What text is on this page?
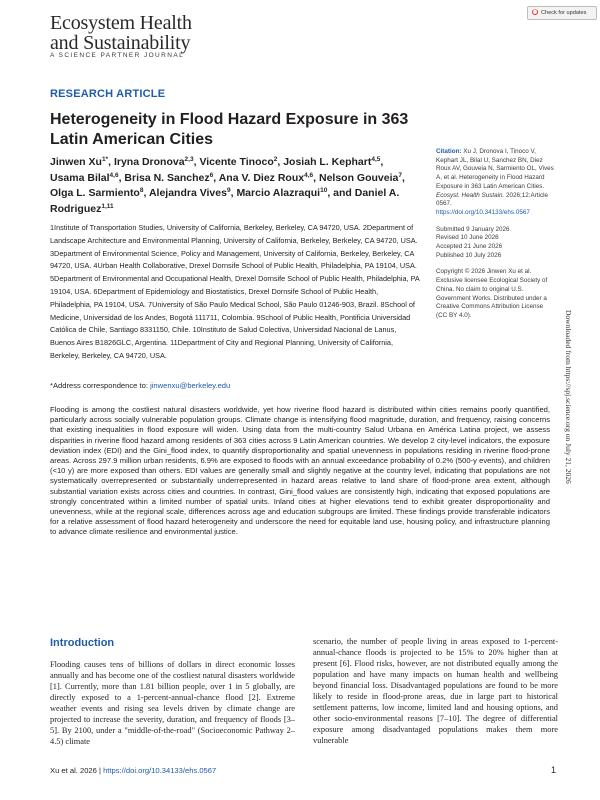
Ecosystem Health
and Sustainability
A SCIENCE PARTNER JOURNAL
Check for updates
RESEARCH ARTICLE
Heterogeneity in Flood Hazard Exposure in 363 Latin American Cities
Jinwen $Xu^{1*}$, Iryna Dronova$^{2,3}$, Vicente Tinoco$^2$, Josiah L. Kephart$^{4,5}$, Usama Bilal$^{4,6}$, Brisa N. Sanchez$^6$, Ana V. Diez Roux$^{4,6}$, Nelson Gouveia$^7$, Olga L. Sarmiento$^8$, Alejandra Vives$^9$, Marcio Alazraqui$^{10}$, and Daniel A. Rodriguez$^{1,11}$
1Institute of Transportation Studies, University of California, Berkeley, Berkeley, CA 94720, USA. 2Department of Landscape Architecture and Environmental Planning, University of California, Berkeley, Berkeley, CA 94720, USA. 3Department of Environmental Science, Policy and Management, University of California, Berkeley, Berkeley, CA 94720, USA. 4Urban Health Collaborative, Drexel Dornsife School of Public Health, Philadelphia, PA 19104, USA. 5Department of Environmental and Occupational Health, Drexel Dornsife School of Public Health, Philadelphia, PA 19104, USA. 6Department of Epidemiology and Biostatistics, Drexel Dornsife School of Public Health, Philadelphia, PA 19104, USA. 7University of São Paulo Medical School, São Paulo 01246-903, Brazil. 8School of Medicine, Universidad de los Andes, Bogotá 111711, Colombia. 9School of Public Health, Pontificia Universidad Católica de Chile, Santiago 8331150, Chile. 10Instituto de Salud Colectiva, Universidad Nacional de Lanus, Buenos Aires B1826GLC, Argentina. 11Department of City and Regional Planning, University of California, Berkeley, Berkeley, CA 94720, USA.
*Address correspondence to: jinwenxu@berkeley.edu

Citation: Xu J, Dronova I, Tinoco V, Kephart JL, Bilal U, Sanchez BN, Diez Roux AV, Gouveia N, Sarmiento OL, Vives A, et al. Heterogeneity in Flood Hazard Exposure in 363 Latin American Cities. Ecosyst. Health Sustain. 2026;12:Article 0567.
https://doi.org/10.34133/ehs.0567

Submitted 9 January 2026
Revised 10 June 2026
Accepted 21 June 2026
Published 10 July 2026

Copyright © 2026 Jinwen Xu et al. Exclusive licensee Ecological Society of China. No claim to original U.S. Government Works. Distributed under a Creative Commons Attribution License (CC BY 4.0).	Downloaded from https://spj.science.org on July 21, 2026
Flooding is among the costliest natural disasters worldwide, yet how riverine flood hazard is distributed within cities remains poorly quantified, particularly across socially vulnerable population groups. Climate change is intensifying flood magnitude, duration, and frequency, raising concerns that existing inequalities in flood exposure will widen. Using data from the multi-country Salud Urbana en América Latina project, we assess disparities in riverine flood hazard among residents of 363 cities across 9 Latin American countries. We develop 2 city-level indicators, the exposure deviation index (EDI) and the Gini_flood index, to quantify disproportionality and spatial unevenness in populations residing in riverine flood-prone areas. Across 297.9 million urban residents, 6.9% are exposed to floods with an annual exceedance probability of 0.2% (500-y events), and children (<10 y) are more exposed than others. EDI values are generally small and slightly negative at the country level, indicating that populations are not systematically overrepresented or substantially underrepresented in hazard areas relative to land share of flood-prone area extent, although substantial variation exists across cities and countries. In contrast, Gini_flood values are consistently high, indicating that exposed populations are strongly concentrated within a limited number of spatial units. Inland cities at higher elevations tend to exhibit greater disproportionality and unevenness, while at the regional scale, differences across age and education subgroups are limited. These findings provide transferable indicators for a relative assessment of flood hazard heterogeneity and underscore the need for equitable land use, housing policy, and infrastructure planning to advance climate resilience and environmental justice.
Introduction
Flooding causes tens of billions of dollars in direct economic losses annually and has become one of the costliest natural disasters worldwide [1]. Currently, more than 1.81 billion people, over 1 in 5 globally, are directly exposed to a 1-percent-annual-chance flood [2]. Extreme weather events and rising sea levels driven by climate change are projected to increase the severity, duration, and frequency of floods [3–5]. By 2100, under a "middle-of-the-road" (Socioeconomic Pathway 2–4.5) climate
scenario, the number of people living in areas exposed to 1-percent-annual-chance floods is projected to be 15% to 20% higher than at present [6]. Flood risks, however, are not distributed equally among the population and have many impacts on human health and wellbeing beyond financial loss. Disadvantaged populations are found to be more likely to reside in flood-prone areas, due in large part to historical settlement patterns, low income, limited land and housing options, and other socio-environmental reasons [7–10]. The degree of differential exposure among disadvantaged populations makes them more vulnerable
Xu et al. 2026 | https://doi.org/10.34133/ehs.0567	1
